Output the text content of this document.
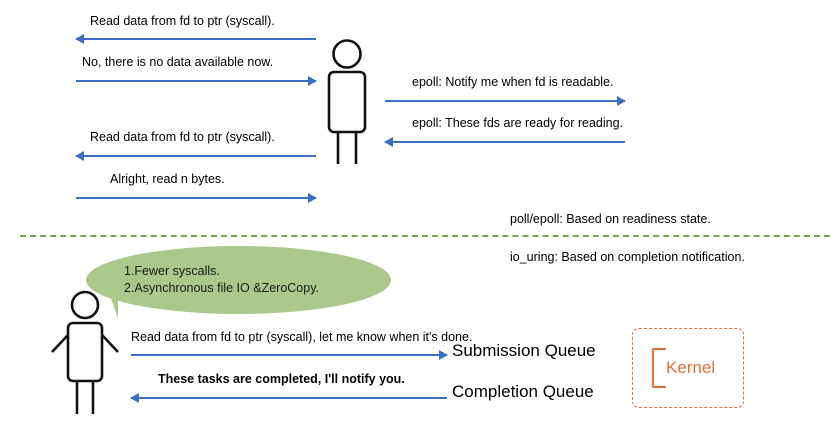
Read data from fd to ptr (syscall).
No, there is no data available now.
epoll: Notify me when fd is readable.
epoll: These fds are ready for reading.
Read data from fd to ptr (syscall).
Alright, read n bytes.
poll/epoll: Based on readiness state.
io_uring: Based on completion notification.
1.Fewer syscalls.
2.Asynchronous file IO &ZeroCopy.
Read data from fd to ptr (syscall), let me know when it's done.
These tasks are completed, I'll notify you.
Submission Queue
Completion Queue
Kernel
